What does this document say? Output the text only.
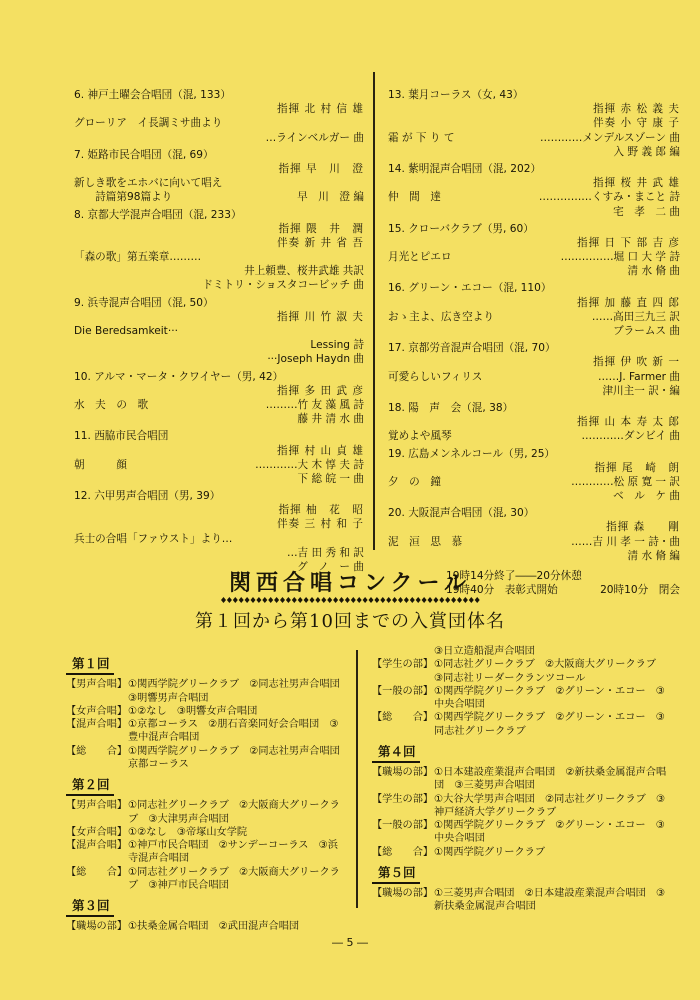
6. 神戸土曜会合唱団（混, 133）
指揮 北 村 信 雄
グローリア　イ長調ミサ曲より
…ラインベルガー 曲
7. 姫路市民合唱団（混, 69）
指揮 早　川　澄
新しき歌をエホバに向いて唱え
　　詩篇第98篇より	早　川　澄 編
8. 京都大学混声合唱団（混, 233）
指揮 隈　井　潤
伴奏 新 井 省 吾
「森の歌」第五楽章………
井上頼豊、桜井武雄 共訳
ドミトリ・ショスタコービッチ 曲
9. 浜寺混声合唱団（混, 50）
指揮 川 竹 淑 夫
Die Beredsamkeit···
Lessing 詩
···Joseph Haydn 曲
10. アルマ・マータ・クワイヤー（男, 42）
指揮 多 田 武 彦
水　夫　の　歌	………竹 友 藻 風 詩
藤 井 清 水 曲
11. 西脇市民合唱団
指揮 村 山 貞 雄
朝　　　顔	…………大 木 惇 夫 詩
下 総 皖 一 曲
12. 六甲男声合唱団（男, 39）
指揮 柚　花　昭
伴奏 三 村 和 子
兵士の合唱「ファウスト」より…
…吉 田 秀 和 訳
グ　ノ　ー 曲
13. 葉月コーラス（女, 43）
指揮 赤 松 義 夫
伴奏 小 守 康 子
霜 が 下 り て	…………メンデルスゾーン 曲
入 野 義 郎 編
14. 紫明混声合唱団（混, 202）
指揮 桜 井 武 雄
仲　間　達	……………くすみ・まこと 詩
宅　孝　二 曲
15. クローバクラブ（男, 60）
指揮 日 下 部 吉 彦
月光とピエロ	……………堀 口 大 学 詩
清 水 脩 曲
16. グリーン・エコー（混, 110）
指揮 加 藤 直 四 郎
おゝ主よ、広き空より	……高田三九三 訳
ブラームス 曲
17. 京都労音混声合唱団（混, 70）
指揮 伊 吹 新 一
可愛らしいフィリス	……J. Farmer 曲
津川主一 訳・編
18. 陽　声　会（混, 38）
指揮 山 本 寿 太 郎
覚めよや風琴	…………ダンビイ 曲
19. 広島メンネルコール（男, 25）
指揮 尾　崎　朗
夕　の　鐘	…………松 原 寛 一 訳
ベ　ル　ケ 曲
20. 大阪混声合唱団（混, 30）
指揮 森　　剛
泥　洹　思　慕	……吉 川 孝 一 詩・曲
清 水 脩 編
19時14分終了――20分休憩
19時40分　表彰式開始	20時10分　閉会
関西合唱コンクール
第１回から第10回までの入賞団体名
第１回
【男声合唱】 ①関西学院グリークラブ　②同志社男声合唱団　③明響男声合唱団
【女声合唱】 ①②なし　③明響女声合唱団
【混声合唱】 ①京都コーラス　②朋石音楽同好会合唱団　③豊中混声合唱団
【総　　合】 ①関西学院グリークラブ　②同志社男声合唱団　京都コーラス
第２回
【男声合唱】 ①同志社グリークラブ　②大阪商大グリークラブ　③大津男声合唱団
【女声合唱】 ①②なし　③帝塚山女学院
【混声合唱】 ①神戸市民合唱団　②サンデーコーラス　③浜寺混声合唱団
【総　　合】 ①同志社グリークラブ　②大阪商大グリークラブ　③神戸市民合唱団
第３回
【職場の部】 ①扶桑金属合唱団　②武田混声合唱団
③日立造船混声合唱団
【学生の部】 ①同志社グリークラブ　②大阪商大グリークラブ　③同志社リーダークランツコール
【一般の部】 ①関西学院グリークラブ　②グリーン・エコー　③中央合唱団
【総　　合】 ①関西学院グリークラブ　②グリーン・エコー　③同志社グリークラブ
第４回
【職場の部】 ①日本建設産業混声合唱団　②新扶桑金属混声合唱団　③三菱男声合唱団
【学生の部】 ①大谷大学男声合唱団　②同志社グリークラブ　③神戸経済大学グリークラブ
【一般の部】 ①関西学院グリークラブ　②グリーン・エコー　③中央合唱団
【総　　合】 ①関西学院グリークラブ
第５回
【職場の部】 ①三菱男声合唱団　②日本建設産業混声合唱団　③新扶桑金属混声合唱団
― 5 ―
